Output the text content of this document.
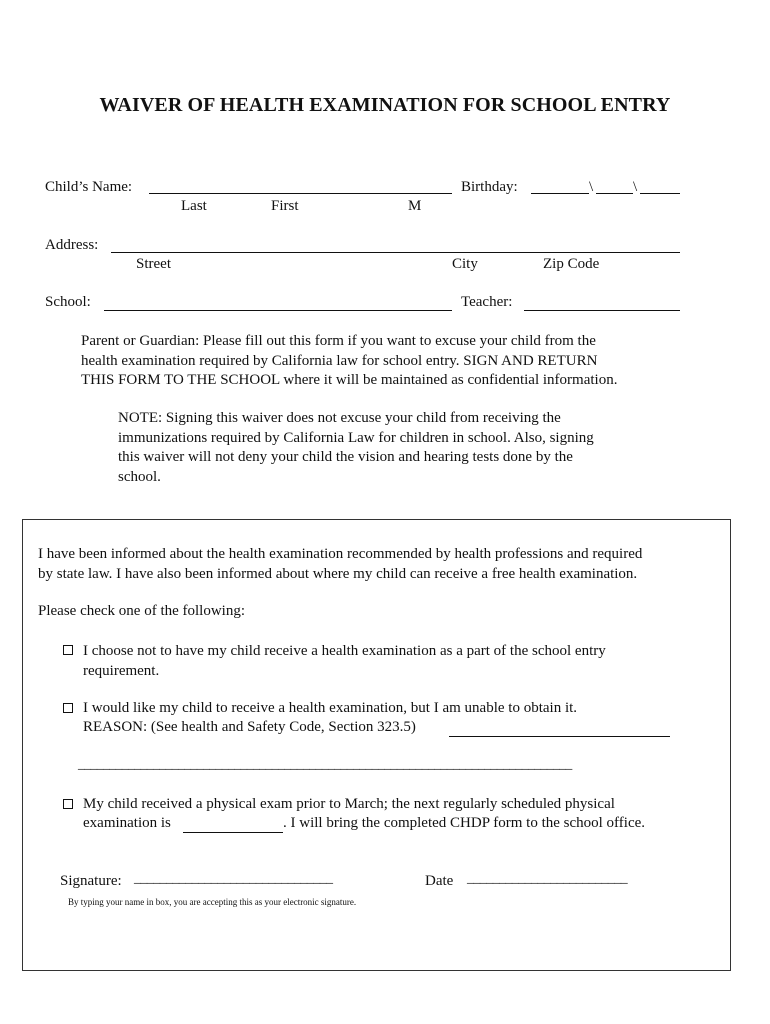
WAIVER OF HEALTH EXAMINATION FOR SCHOOL ENTRY
Child’s Name:	Birthday:	\	\
Last	First	M
Address:
Street	City	Zip Code
School:	Teacher:
Parent or Guardian: Please fill out this form if you want to excuse your child from the
health examination required by California law for school entry. SIGN AND RETURN
THIS FORM TO THE SCHOOL where it will be maintained as confidential information.
NOTE: Signing this waiver does not excuse your child from receiving the
immunizations required by California Law for children in school. Also, signing
this waiver will not deny your child the vision and hearing tests done by the
school.
I have been informed about the health examination recommended by health professions and required
by state law. I have also been informed about where my child can receive a free health examination.
Please check one of the following:
I choose not to have my child receive a health examination as a part of the school entry
requirement.
I would like my child to receive a health examination, but I am unable to obtain it.
REASON: (See health and Safety Code, Section 323.5)
_______________________________________________________________________________
My child received a physical exam prior to March; the next regularly scheduled physical
examination is	. I will bring the completed CHDP form to the school office.
Signature: _______________________________	Date _________________________
By typing your name in box, you are accepting this as your electronic signature.
